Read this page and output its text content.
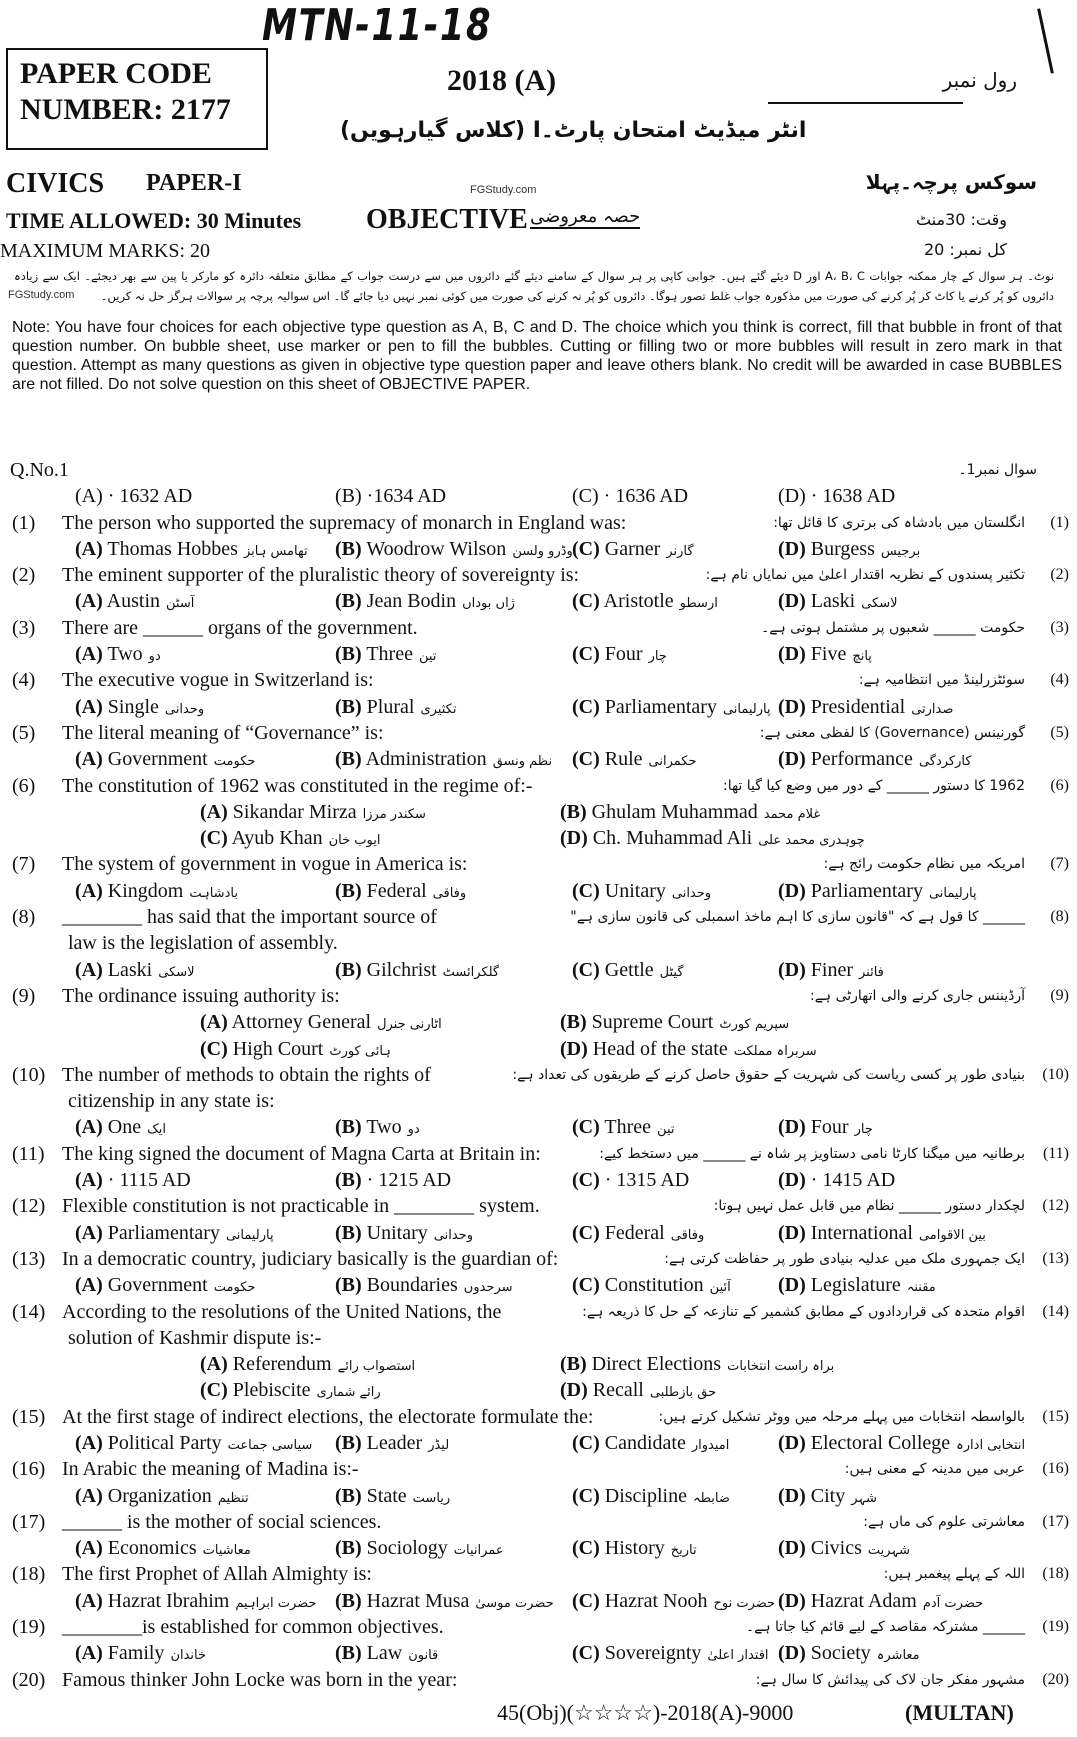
MTN-11-18
PAPER CODE
NUMBER: 2177
2018 (A)	رول نمبر
انٹر میڈیٹ امتحان پارٹ۔I (کلاس گیارہویں)
CIVICS PAPER-I	FGStudy.com	سوکس پرچہ۔پہلا
TIME ALLOWED: 30 Minutes OBJECTIVE حصہ معروضی	وقت: 30منٹ
MAXIMUM MARKS: 20	کل نمبر: 20
نوٹ۔ ہر سوال کے چار ممکنہ جوابات A، B، C اور D دیئے گئے ہیں۔ جوابی کاپی پر ہر سوال کے سامنے دیئے گئے دائروں میں سے درست جواب کے مطابق متعلقہ دائرہ کو مارکر یا پین سے بھر دیجئے۔ ایک سے زیادہ دائروں کو پُر کرنے یا کاٹ کر پُر کرنے کی صورت میں مذکورہ جواب غلط تصور ہوگا۔ دائروں کو پُر نہ کرنے کی صورت میں کوئی نمبر نہیں دیا جائے گا۔ اس سوالیہ پرچہ پر سوالات ہرگز حل نہ کریں۔
FGStudy.com
Note: You have four choices for each objective type question as A, B, C and D. The choice which you think is correct, fill that bubble in front of that question number. On bubble sheet, use marker or pen to fill the bubbles. Cutting or filling two or more bubbles will result in zero mark in that question. Attempt as many questions as given in objective type question paper and leave others blank. No credit will be awarded in case BUBBLES are not filled. Do not solve question on this sheet of OBJECTIVE PAPER.
Q.No.1	سوال نمبر1۔
(A) · 1632 AD	(B) ·1634 AD	(C) · 1636 AD	(D) · 1638 AD
(1)	انگلستان میں بادشاہ کی برتری کا قائل تھا: (1)
The person who supported the supremacy of monarch in England was:
(A) Thomas Hobbes تھامس ہابز (B) Woodrow Wilson وڈرو ولسن (C) Garner گارنر	(D) Burgess برجیس
(2)	تکثیر پسندوں کے نظریہ اقتدار اعلیٰ میں نمایاں نام ہے: (2)
The eminent supporter of the pluralistic theory of sovereignty is:
(A) Austin آسٹن	(B) Jean Bodin ژاں بوداں	(C) Aristotle ارسطو	(D) Laski لاسکی
(3)	حکومت ______ شعبوں پر مشتمل ہوتی ہے۔ (3)
There are ______ organs of the government.
(A) Two دو	(B) Three تین	(C) Four چار	(D) Five پانچ
(4)	سوئٹزرلینڈ میں انتظامیہ ہے: (4)
The executive vogue in Switzerland is:
(A) Single وحدانی	(B) Plural تکثیری	(C) Parliamentary پارلیمانی (D) Presidential صدارتی
(5)	گورنینس (Governance) کا لفظی معنی ہے: (5)
The literal meaning of “Governance” is:
(A) Government حکومت	(B) Administration نظم ونسق (C) Rule حکمرانی	(D) Performance کارکردگی
(6)	1962 کا دستور ______ کے دور میں وضع کیا گیا تھا: (6)
The constitution of 1962 was constituted in the regime of:-
(A) Sikandar Mirza سکندر مرزا	(B) Ghulam Muhammad غلام محمد
(C) Ayub Khan ایوب خان	(D) Ch. Muhammad Ali چوہدری محمد علی
(7)	امریکہ میں نظام حکومت رائج ہے: (7)
The system of government in vogue in America is:
(A) Kingdom بادشاہت	(B) Federal وفاقی	(C) Unitary وحدانی	(D) Parliamentary پارلیمانی
(8)	______ کا قول ہے کہ "قانون سازی کا اہم ماخذ اسمبلی کی قانون سازی ہے" (8)
________ has said that the important source of
law is the legislation of assembly.
(A) Laski لاسکی	(B) Gilchrist گلکرائسٹ	(C) Gettle گیٹل	(D) Finer فائنر
(9)	آرڈیننس جاری کرنے والی اتھارٹی ہے: (9)
The ordinance issuing authority is:
(A) Attorney General اٹارنی جنرل	(B) Supreme Court سپریم کورٹ
(C) High Court ہائی کورٹ	(D) Head of the state سربراہ مملکت
(10)	بنیادی طور پر کسی ریاست کی شہریت کے حقوق حاصل کرنے کے طریقوں کی تعداد ہے: (10)
The number of methods to obtain the rights of
citizenship in any state is:
(A) One ایک	(B) Two دو	(C) Three تین	(D) Four چار
(11)	برطانیہ میں میگنا کارٹا نامی دستاویز پر شاہ نے ______ میں دستخط کیے: (11)
The king signed the document of Magna Carta at Britain in:
(A) · 1115 AD	(B) · 1215 AD	(C) · 1315 AD	(D) · 1415 AD
(12)	لچکدار دستور ______ نظام میں قابل عمل نہیں ہوتا: (12)
Flexible constitution is not practicable in ________ system.
(A) Parliamentary پارلیمانی	(B) Unitary وحدانی	(C) Federal وفاقی	(D) International بین الاقوامی
(13)	ایک جمہوری ملک میں عدلیہ بنیادی طور پر حفاظت کرتی ہے: (13)
In a democratic country, judiciary basically is the guardian of:
(A) Government حکومت	(B) Boundaries سرحدوں	(C) Constitution آئین (D) Legislature مقننہ
(14)	اقوام متحدہ کی قراردادوں کے مطابق کشمیر کے تنازعہ کے حل کا ذریعہ ہے: (14)
According to the resolutions of the United Nations, the
solution of Kashmir dispute is:-
(A) Referendum استصواب رائے	(B) Direct Elections براہ راست انتخابات
(C) Plebiscite رائے شماری	(D) Recall حق بازطلبی
(15)	بالواسطہ انتخابات میں پہلے مرحلہ میں ووٹر تشکیل کرتے ہیں: (15)
At the first stage of indirect elections, the electorate formulate the:
(A) Political Party سیاسی جماعت (B) Leader لیڈر	(C) Candidate امیدوار (D) Electoral College انتخابی ادارہ
(16)	عربی میں مدینہ کے معنی ہیں: (16)
In Arabic the meaning of Madina is:-
(A) Organization تنظیم	(B) State ریاست	(C) Discipline ضابطہ (D) City شہر
(17)	معاشرتی علوم کی ماں ہے: (17)
______ is the mother of social sciences.
(A) Economics معاشیات	(B) Sociology عمرانیات	(C) History تاریخ	(D) Civics شہریت
(18)	اللہ کے پہلے پیغمبر ہیں: (18)
The first Prophet of Allah Almighty is:
(A) Hazrat Ibrahim حضرت ابراہیم (B) Hazrat Musa حضرت موسیٰ (C) Hazrat Nooh حضرت نوح (D) Hazrat Adam حضرت آدم
(19)	______ مشترکہ مقاصد کے لیے قائم کیا جاتا ہے۔ (19)
________is established for common objectives.
(A) Family خاندان	(B) Law قانون	(C) Sovereignty اقتدار اعلیٰ (D) Society معاشرہ
(20)	مشہور مفکر جان لاک کی پیدائش کا سال ہے: (20)
Famous thinker John Locke was born in the year:
45(Obj)(☆☆☆☆)-2018(A)-9000	(MULTAN)
